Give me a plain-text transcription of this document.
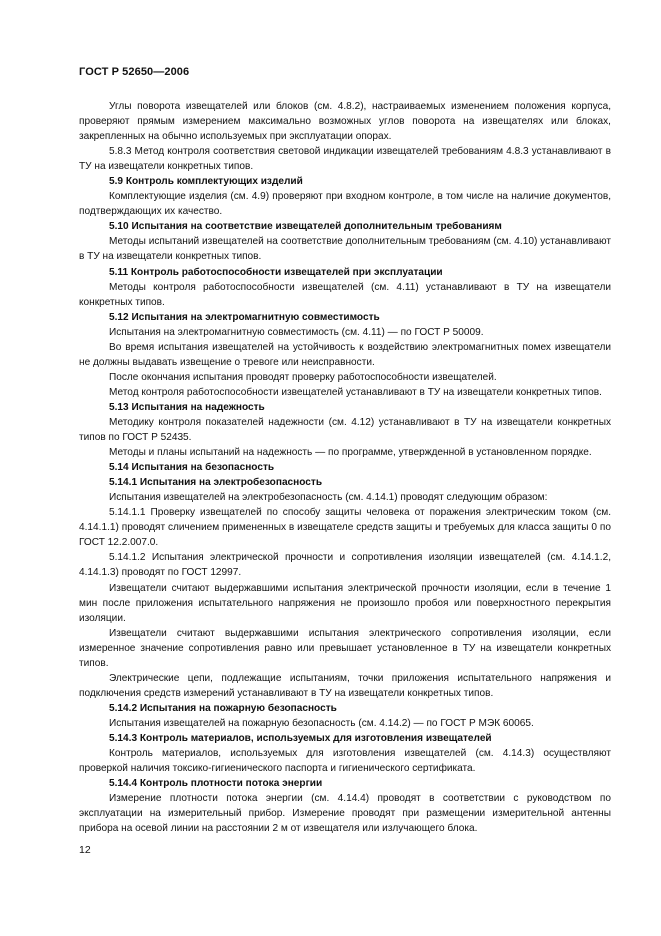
ГОСТ Р 52650—2006

Углы поворота извещателей или блоков (см. 4.8.2), настраиваемых изменением положения корпуса, проверяют прямым измерением максимально возможных углов поворота на извещателях или блоках, закрепленных на обычно используемых при эксплуатации опорах.

5.8.3 Метод контроля соответствия световой индикации извещателей требованиям 4.8.3 устанавливают в ТУ на извещатели конкретных типов.

5.9 Контроль комплектующих изделий

Комплектующие изделия (см. 4.9) проверяют при входном контроле, в том числе на наличие документов, подтверждающих их качество.

5.10 Испытания на соответствие извещателей дополнительным требованиям

Методы испытаний извещателей на соответствие дополнительным требованиям (см. 4.10) устанавливают в ТУ на извещатели конкретных типов.

5.11 Контроль работоспособности извещателей при эксплуатации

Методы контроля работоспособности извещателей (см. 4.11) устанавливают в ТУ на извещатели конкретных типов.

5.12 Испытания на электромагнитную совместимость

Испытания на электромагнитную совместимость (см. 4.11) — по ГОСТ Р 50009.

Во время испытания извещателей на устойчивость к воздействию электромагнитных помех извещатели не должны выдавать извещение о тревоге или неисправности.

После окончания испытания проводят проверку работоспособности извещателей.

Метод контроля работоспособности извещателей устанавливают в ТУ на извещатели конкретных типов.

5.13 Испытания на надежность

Методику контроля показателей надежности (см. 4.12) устанавливают в ТУ на извещатели конкретных типов по ГОСТ Р 52435.

Методы и планы испытаний на надежность — по программе, утвержденной в установленном порядке.

5.14 Испытания на безопасность

5.14.1 Испытания на электробезопасность

Испытания извещателей на электробезопасность (см. 4.14.1) проводят следующим образом:

5.14.1.1 Проверку извещателей по способу защиты человека от поражения электрическим током (см. 4.14.1.1) проводят сличением примененных в извещателе средств защиты и требуемых для класса защиты 0 по ГОСТ 12.2.007.0.

5.14.1.2 Испытания электрической прочности и сопротивления изоляции извещателей (см. 4.14.1.2, 4.14.1.3) проводят по ГОСТ 12997.

Извещатели считают выдержавшими испытания электрической прочности изоляции, если в течение 1 мин после приложения испытательного напряжения не произошло пробоя или поверхностного перекрытия изоляции.

Извещатели считают выдержавшими испытания электрического сопротивления изоляции, если измеренное значение сопротивления равно или превышает установленное в ТУ на извещатели конкретных типов.

Электрические цепи, подлежащие испытаниям, точки приложения испытательного напряжения и подключения средств измерений устанавливают в ТУ на извещатели конкретных типов.

5.14.2 Испытания на пожарную безопасность

Испытания извещателей на пожарную безопасность (см. 4.14.2) — по ГОСТ Р МЭК 60065.

5.14.3 Контроль материалов, используемых для изготовления извещателей

Контроль материалов, используемых для изготовления извещателей (см. 4.14.3) осуществляют проверкой наличия токсико-гигиенического паспорта и гигиенического сертификата.

5.14.4 Контроль плотности потока энергии

Измерение плотности потока энергии (см. 4.14.4) проводят в соответствии с руководством по эксплуатации на измерительный прибор. Измерение проводят при размещении измерительной антенны прибора на осевой линии на расстоянии 2 м от извещателя или излучающего блока.

12
